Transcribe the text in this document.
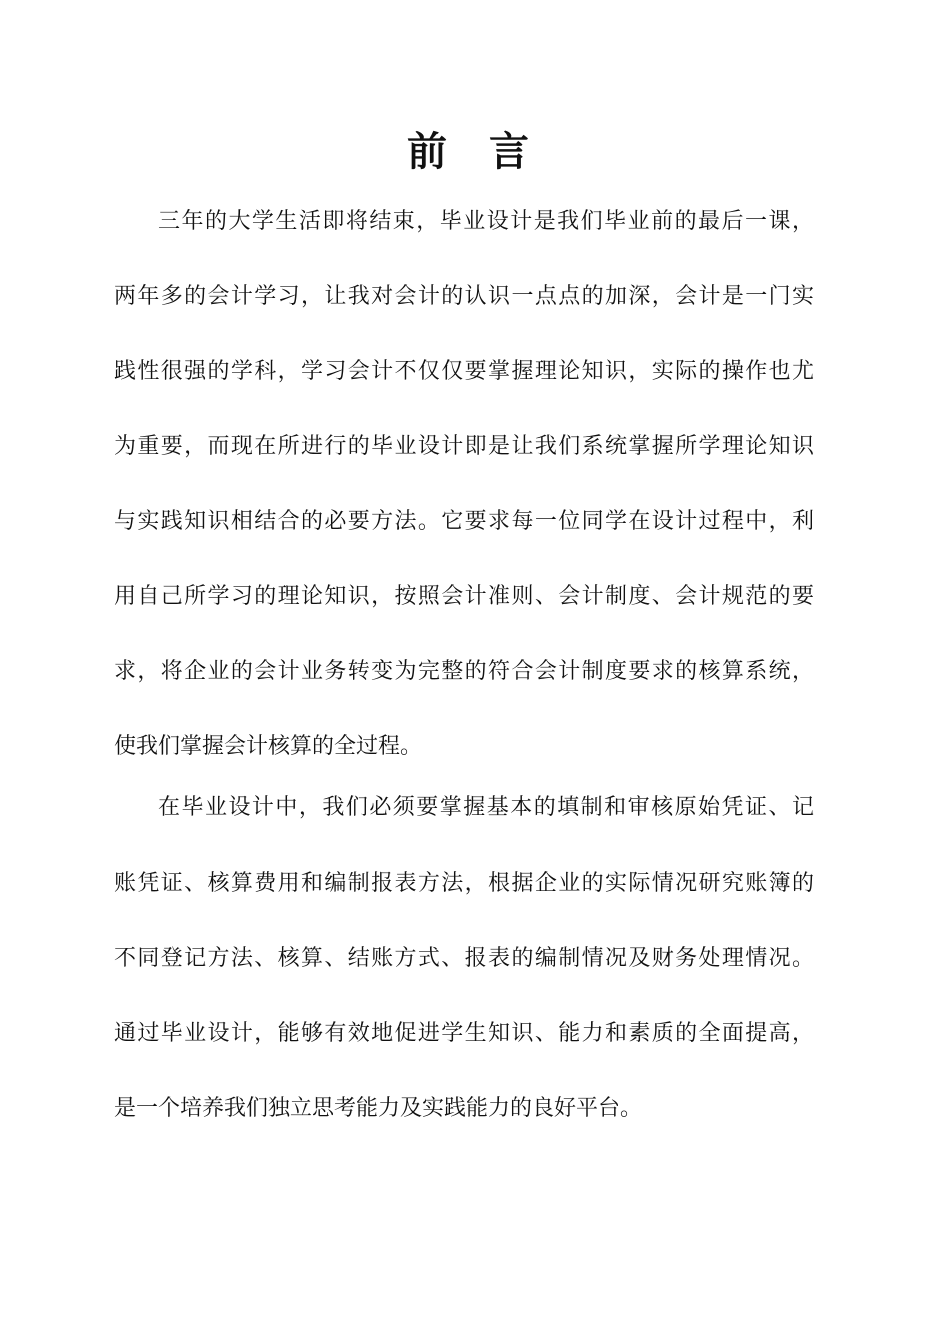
前 言
三年的大学生活即将结束，毕业设计是我们毕业前的最后一课，
两年多的会计学习，让我对会计的认识一点点的加深，会计是一门实
践性很强的学科，学习会计不仅仅要掌握理论知识，实际的操作也尤
为重要，而现在所进行的毕业设计即是让我们系统掌握所学理论知识
与实践知识相结合的必要方法。它要求每一位同学在设计过程中，利
用自己所学习的理论知识，按照会计准则、会计制度、会计规范的要
求，将企业的会计业务转变为完整的符合会计制度要求的核算系统，
使我们掌握会计核算的全过程。
在毕业设计中，我们必须要掌握基本的填制和审核原始凭证、记
账凭证、核算费用和编制报表方法，根据企业的实际情况研究账簿的
不同登记方法、核算、结账方式、报表的编制情况及财务处理情况。
通过毕业设计，能够有效地促进学生知识、能力和素质的全面提高，
是一个培养我们独立思考能力及实践能力的良好平台。
